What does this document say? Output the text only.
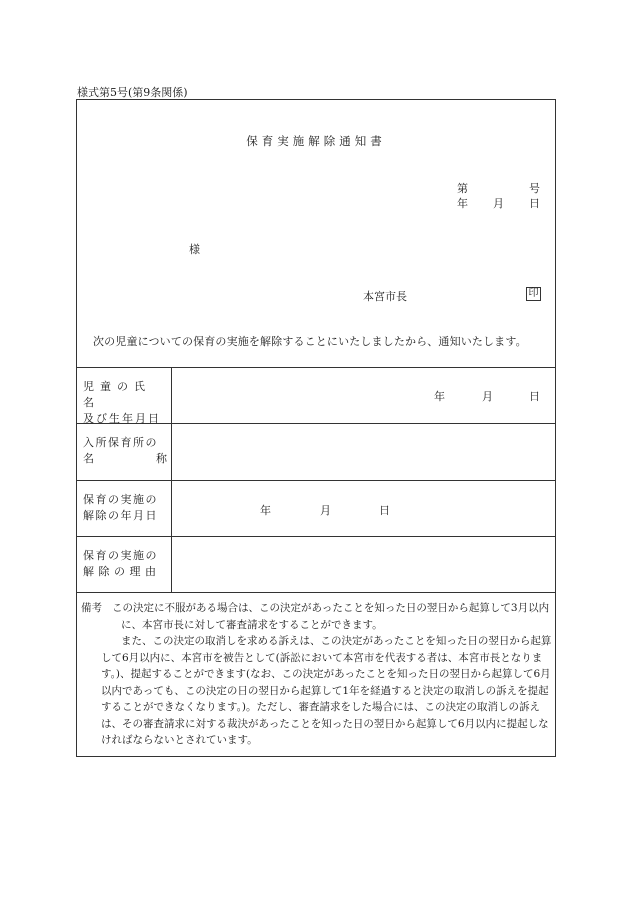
様式第5号(第9条関係)
保育実施解除通知書
第	号
年 月 日
様
本宮市長	印
次の児童についての保育の実施を解除することにいたしましたから、通知いたします。
児童の氏名
及び生年月日
年	月	日
入所保育所の
名	称
保育の実施の
解除の年月日	年	月	日
保育の実施の
解除の理由
備考 この決定に不服がある場合は、この決定があったことを知った日の翌日から起算して3月以内に、本宮市長に対して審査請求をすることができます。
また、この決定の取消しを求める訴えは、この決定があったことを知った日の翌日から起算して6月以内に、本宮市を被告として(訴訟において本宮市を代表する者は、本宮市長となります。)、提起することができます(なお、この決定があったことを知った日の翌日から起算して6月以内であっても、この決定の日の翌日から起算して1年を経過すると決定の取消しの訴えを提起することができなくなります。)。ただし、審査請求をした場合には、この決定の取消しの訴えは、その審査請求に対する裁決があったことを知った日の翌日から起算して6月以内に提起しなければならないとされています。
